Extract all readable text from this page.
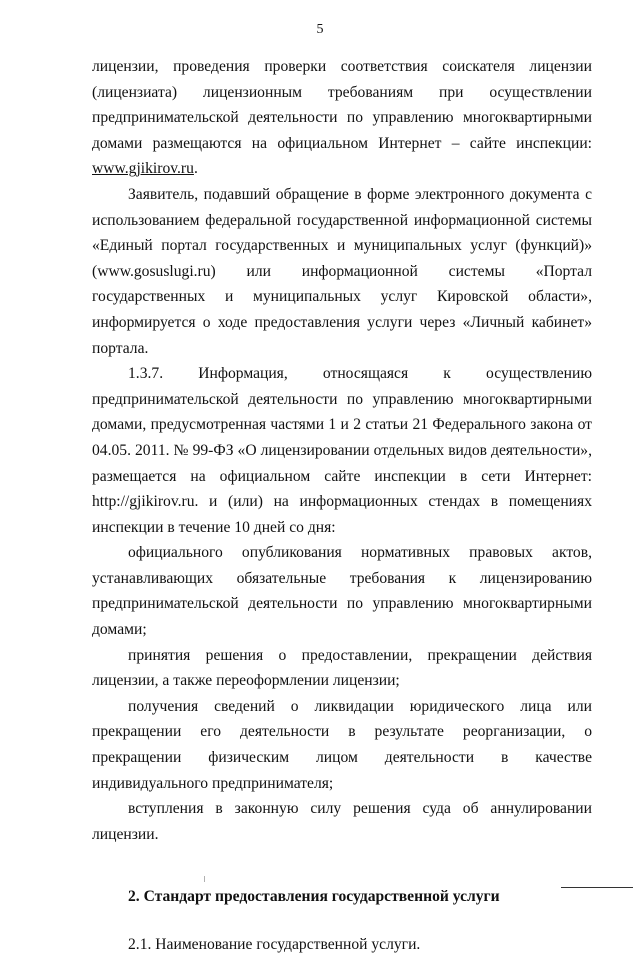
5

лицензии, проведения проверки соответствия соискателя лицензии (лицензиата) лицензионным требованиям при осуществлении предпринимательской деятельности по управлению многоквартирными домами размещаются на официальном Интернет – сайте инспекции: www.gjikirov.ru.

Заявитель, подавший обращение в форме электронного документа с использованием федеральной государственной информационной системы «Единый портал государственных и муниципальных услуг (функций)» (www.gosuslugi.ru) или информационной системы «Портал государственных и муниципальных услуг Кировской области», информируется о ходе предоставления услуги через «Личный кабинет» портала.

1.3.7. Информация, относящаяся к осуществлению предпринимательской деятельности по управлению многоквартирными домами, предусмотренная частями 1 и 2 статьи 21 Федерального закона от 04.05. 2011. № 99-ФЗ «О лицензировании отдельных видов деятельности», размещается на официальном сайте инспекции в сети Интернет: http://gjikirov.ru. и (или) на информационных стендах в помещениях инспекции в течение 10 дней со дня:

официального опубликования нормативных правовых актов, устанавливающих обязательные требования к лицензированию предпринимательской деятельности по управлению многоквартирными домами;

принятия решения о предоставлении, прекращении действия лицензии, а также переоформлении лицензии;

получения сведений о ликвидации юридического лица или прекращении его деятельности в результате реорганизации, о прекращении физическим лицом деятельности в качестве индивидуального предпринимателя;

вступления в законную силу решения суда об аннулировании лицензии.

2. Стандарт предоставления государственной услуги

2.1. Наименование государственной услуги.
